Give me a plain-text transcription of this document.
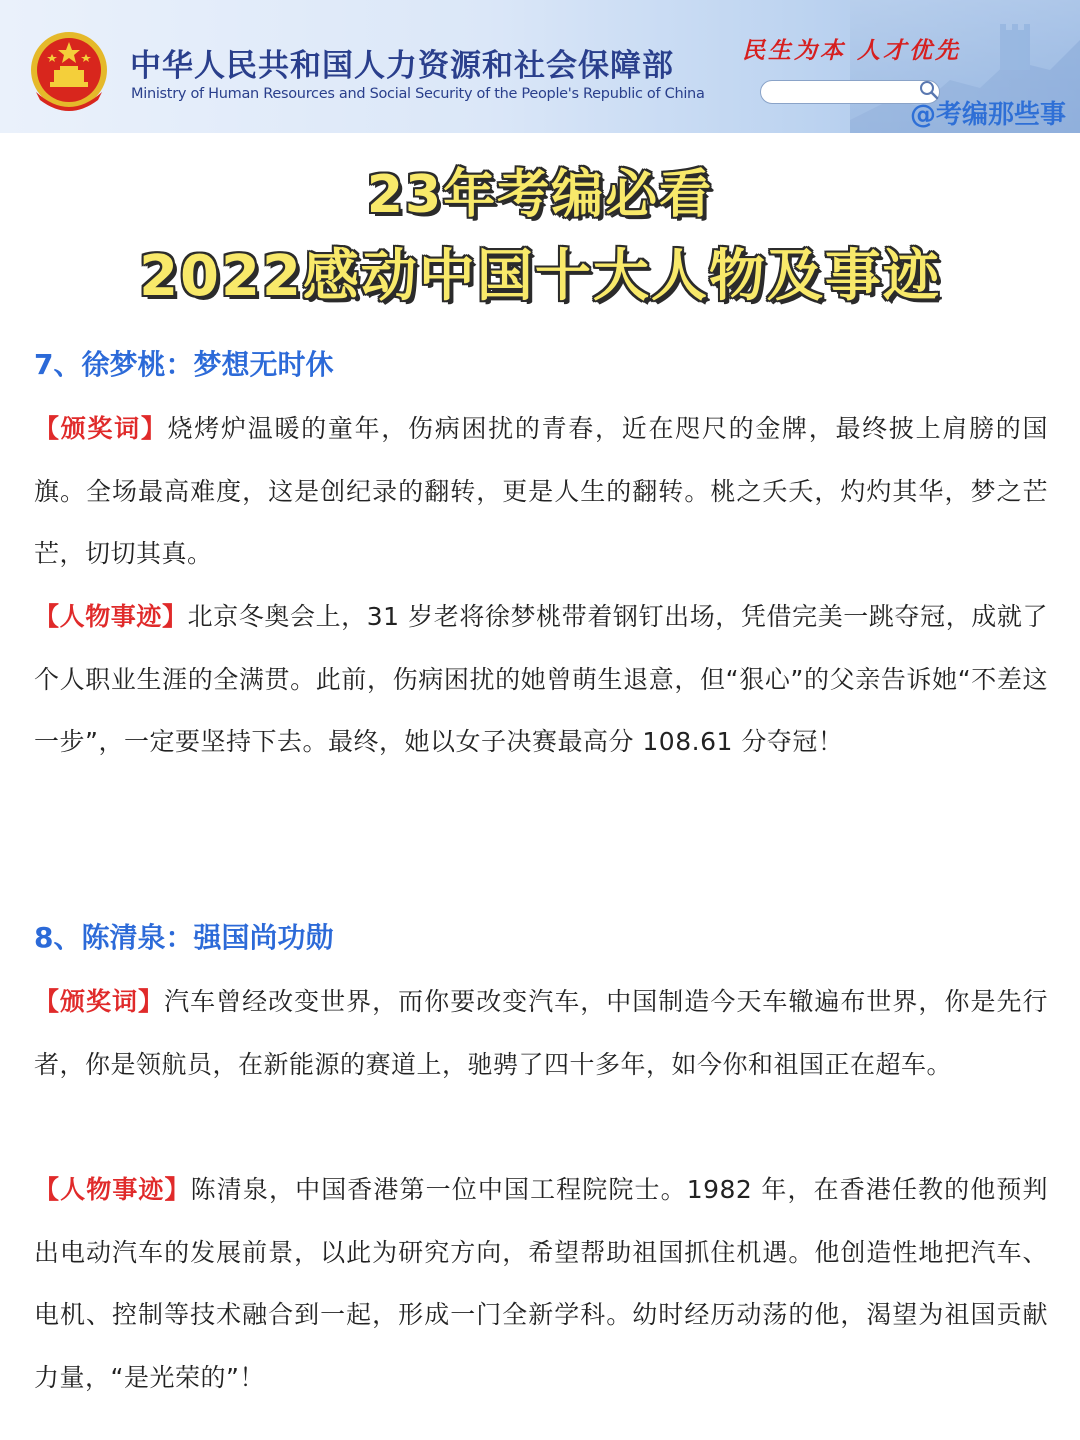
中华人民共和国人力资源和社会保障部
Ministry of Human Resources and Social Security of the People's Republic of China
民生为本 人才优先
@考编那些事
23年考编必看
2022感动中国十大人物及事迹
7、徐梦桃：梦想无时休

【颁奖词】烧烤炉温暖的童年，伤病困扰的青春，近在咫尺的金牌，最终披上肩膀的国旗。全场最高难度，这是创纪录的翻转，更是人生的翻转。桃之夭夭，灼灼其华，梦之芒芒，切切其真。

【人物事迹】北京冬奥会上，31 岁老将徐梦桃带着钢钉出场，凭借完美一跳夺冠，成就了个人职业生涯的全满贯。此前，伤病困扰的她曾萌生退意，但“狠心”的父亲告诉她“不差这一步”，一定要坚持下去。最终，她以女子决赛最高分 108.61 分夺冠！

8、陈清泉：强国尚功勋

【颁奖词】汽车曾经改变世界，而你要改变汽车，中国制造今天车辙遍布世界，你是先行者，你是领航员，在新能源的赛道上，驰骋了四十多年，如今你和祖国正在超车。

【人物事迹】陈清泉，中国香港第一位中国工程院院士。1982 年，在香港任教的他预判出电动汽车的发展前景，以此为研究方向，希望帮助祖国抓住机遇。他创造性地把汽车、电机、控制等技术融合到一起，形成一门全新学科。幼时经历动荡的他，渴望为祖国贡献力量，“是光荣的”！
